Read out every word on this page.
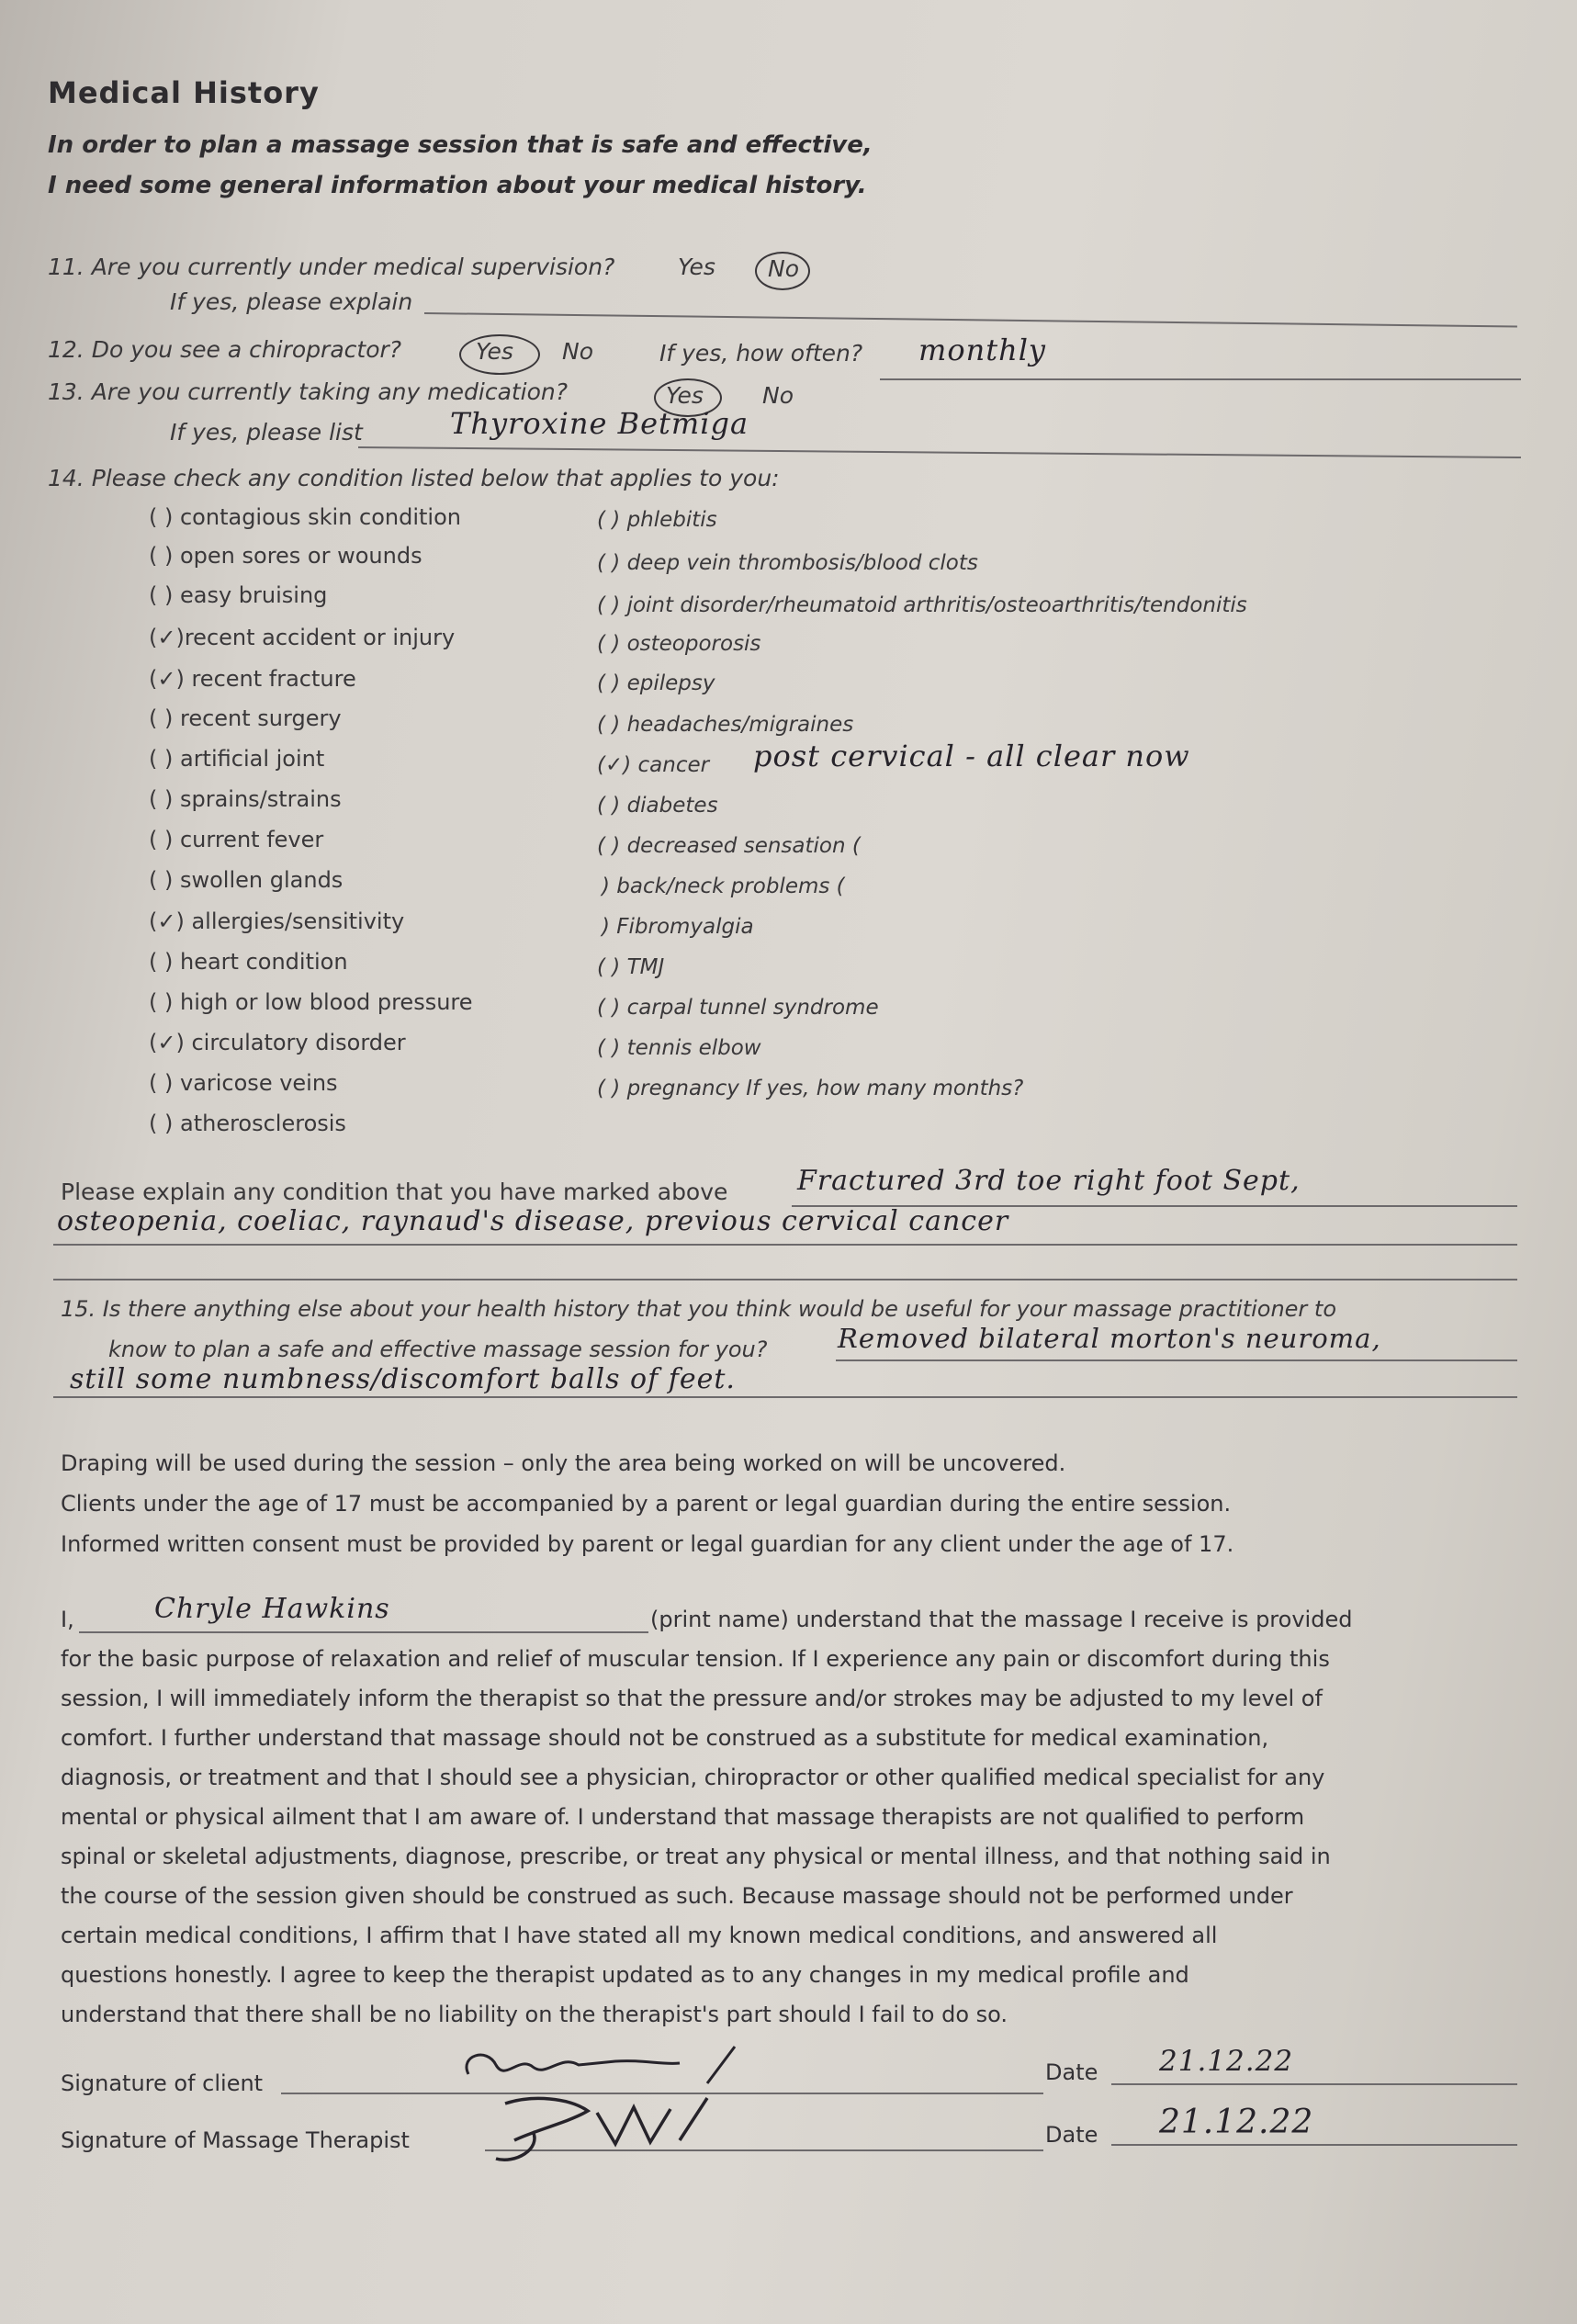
Medical History
In order to plan a massage session that is safe and effective,
I need some general information about your medical history.
11. Are you currently under medical supervision?	Yes No
If yes, please explain
12. Do you see a chiropractor?	Yes No	If yes, how often? monthly
13. Are you currently taking any medication?	Yes	No
If yes, please list	Thyroxine Betmiga
14. Please check any condition listed below that applies to you:
( ) contagious skin condition
( ) open sores or wounds
( ) easy bruising
(✓)recent accident or injury
(✓) recent fracture
( ) recent surgery
( ) artificial joint
( ) sprains/strains
( ) current fever
( ) swollen glands
(✓) allergies/sensitivity
( ) heart condition
( ) high or low blood pressure
(✓) circulatory disorder
( ) varicose veins
( ) atherosclerosis
( ) phlebitis
( ) deep vein thrombosis/blood clots
( ) joint disorder/rheumatoid arthritis/osteoarthritis/tendonitis
( ) osteoporosis
( ) epilepsy
( ) headaches/migraines
(✓) cancer
( ) diabetes
( ) decreased sensation (
) back/neck problems (
) Fibromyalgia
( ) TMJ
( ) carpal tunnel syndrome
( ) tennis elbow
( ) pregnancy If yes, how many months?
post cervical - all clear now
Please explain any condition that you have marked above	Fractured 3rd toe right foot Sept,
osteopenia, coeliac, raynaud's disease, previous cervical cancer
15. Is there anything else about your health history that you think would be useful for your massage practitioner to
know to plan a safe and effective massage session for you?	Removed bilateral morton's neuroma,
still some numbness/discomfort balls of feet.
Draping will be used during the session – only the area being worked on will be uncovered.
Clients under the age of 17 must be accompanied by a parent or legal guardian during the entire session.
Informed written consent must be provided by parent or legal guardian for any client under the age of 17.
I,	Chryle Hawkins	(print name) understand that the massage I receive is provided
for the basic purpose of relaxation and relief of muscular tension. If I experience any pain or discomfort during this
session, I will immediately inform the therapist so that the pressure and/or strokes may be adjusted to my level of
comfort. I further understand that massage should not be construed as a substitute for medical examination,
diagnosis, or treatment and that I should see a physician, chiropractor or other qualified medical specialist for any
mental or physical ailment that I am aware of. I understand that massage therapists are not qualified to perform
spinal or skeletal adjustments, diagnose, prescribe, or treat any physical or mental illness, and that nothing said in
the course of the session given should be construed as such. Because massage should not be performed under
certain medical conditions, I affirm that I have stated all my known medical conditions, and answered all
questions honestly. I agree to keep the therapist updated as to any changes in my medical profile and
understand that there shall be no liability on the therapist's part should I fail to do so.
Signature of client	Date 21.12.22
Signature of Massage Therapist	Date 21.12.22
